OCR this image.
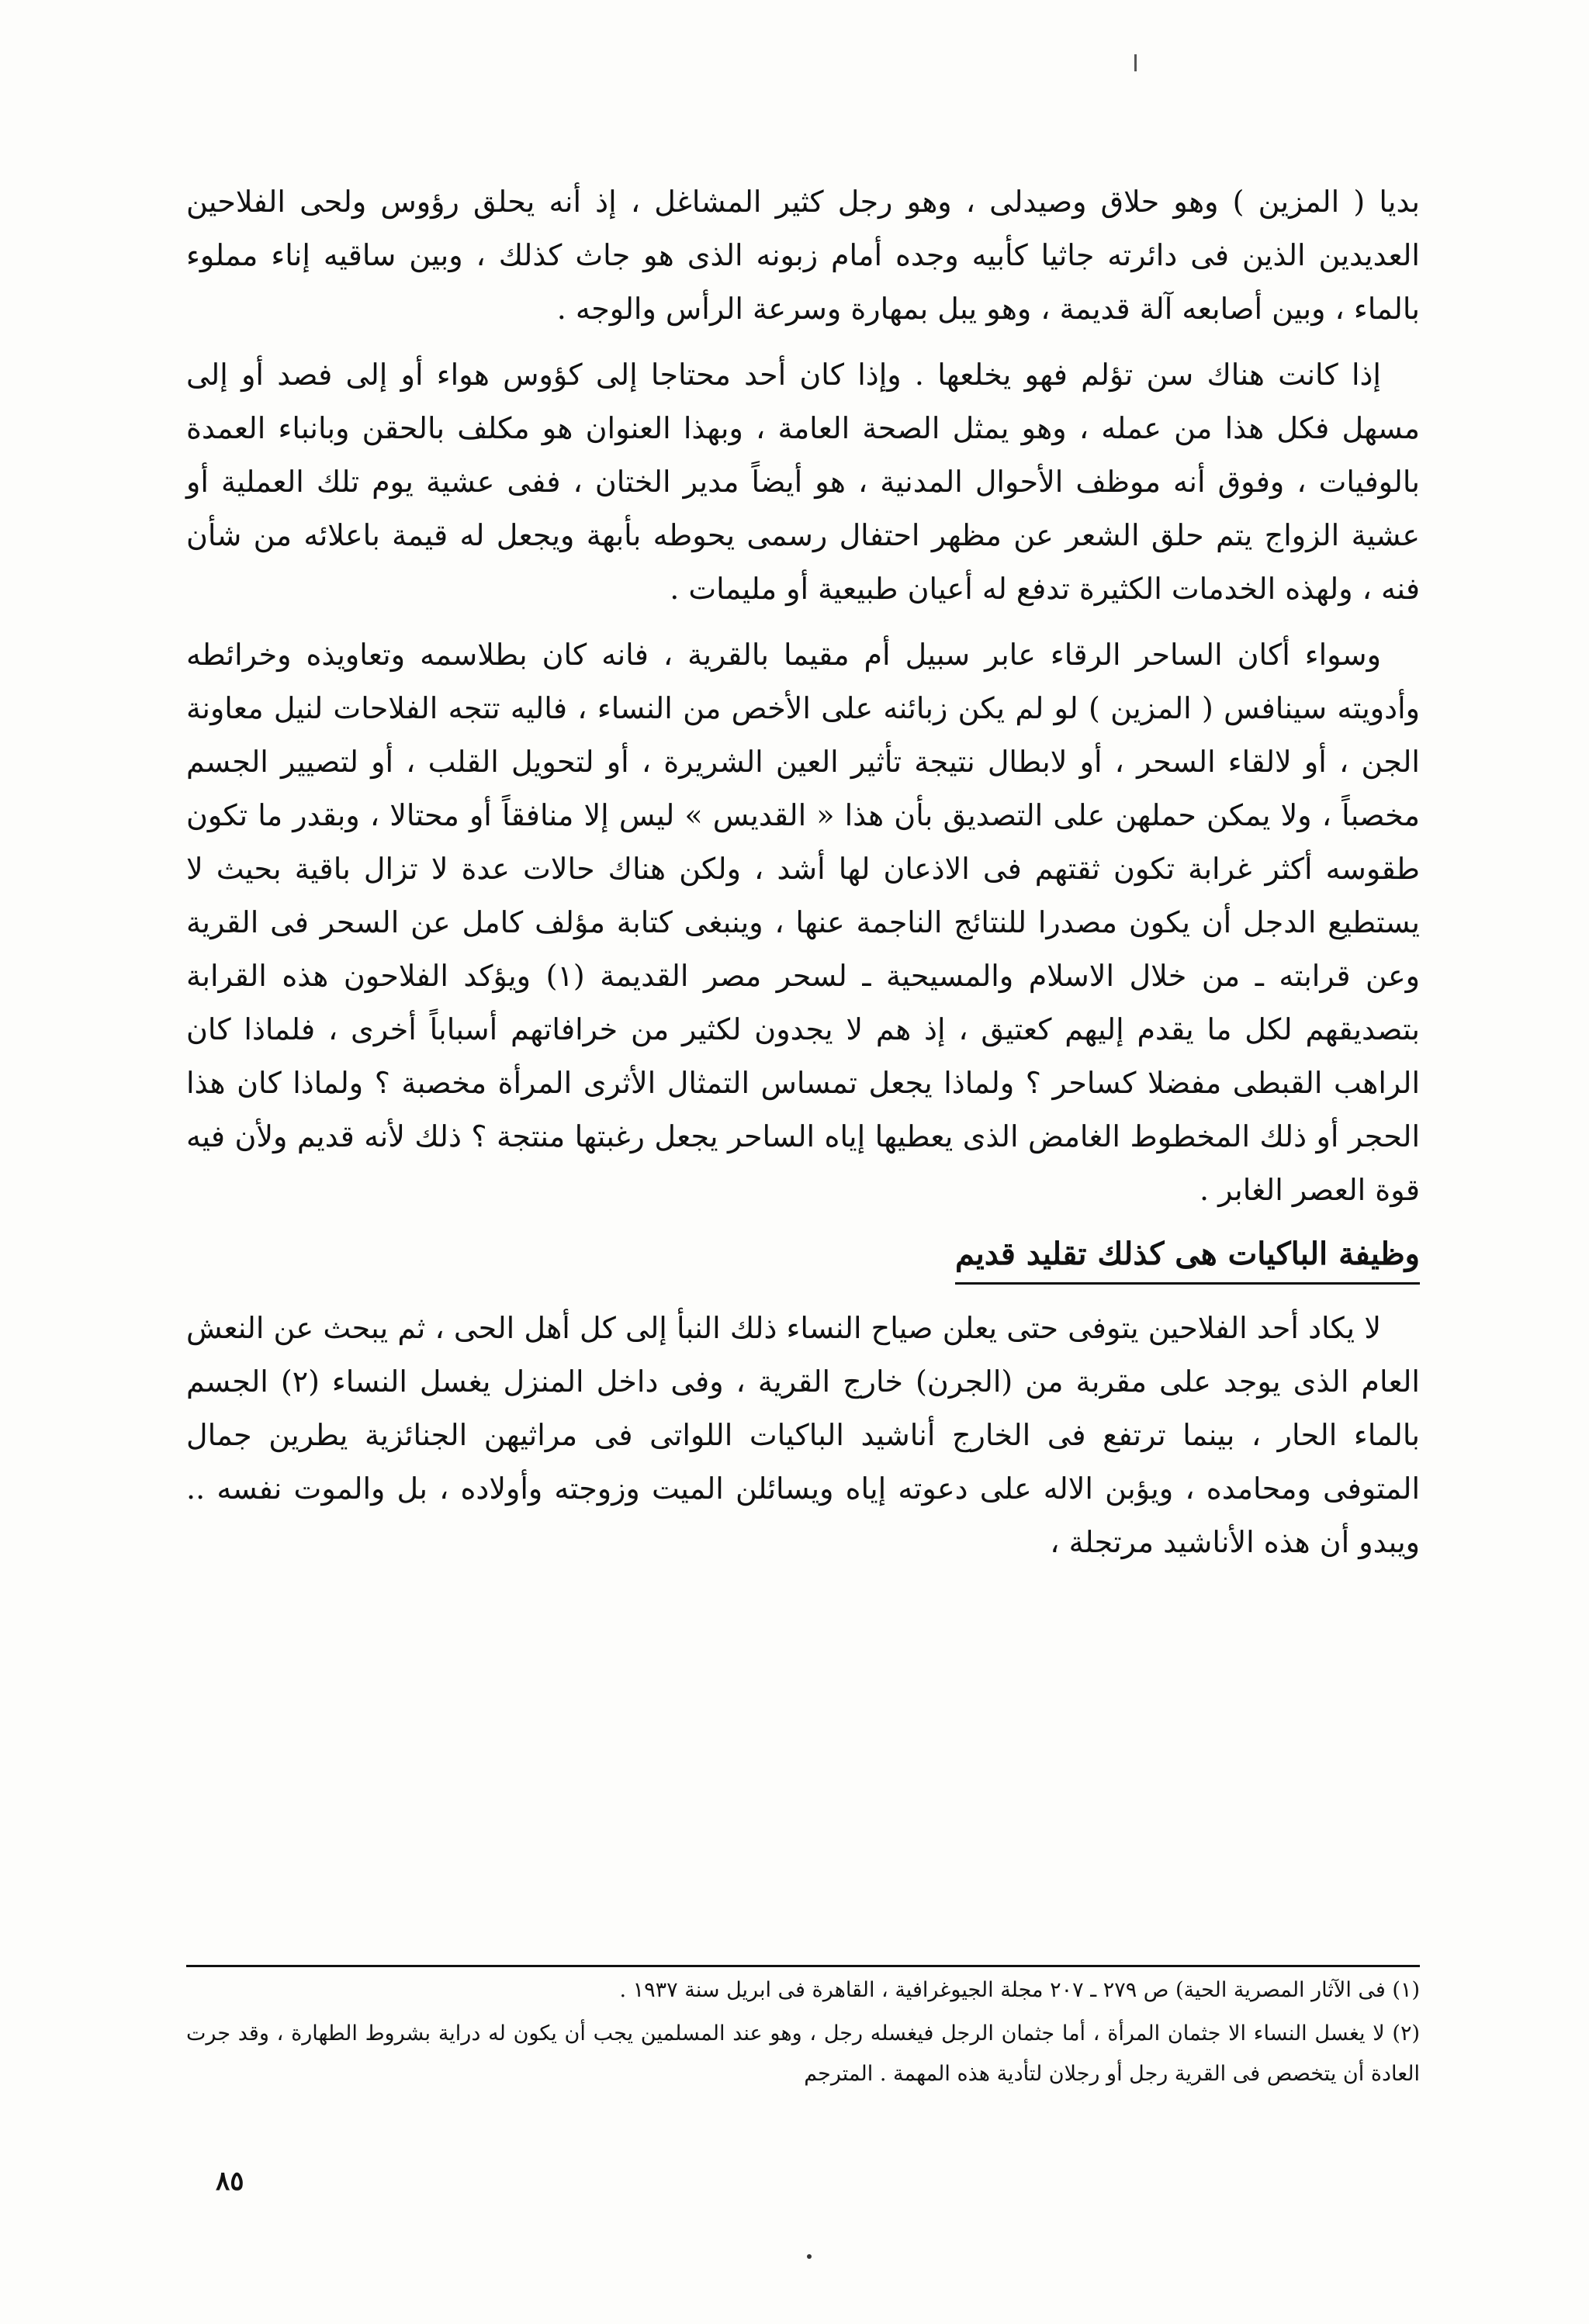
بديا ( المزين ) وهو حلاق وصيدلى ، وهو رجل كثير المشاغل ، إذ أنه يحلق رؤوس ولحى الفلاحين العديدين الذين فى دائرته جاثيا كأبيه وجده أمام زبونه الذى هو جاث كذلك ، وبين ساقيه إناء مملوء بالماء ، وبين أصابعه آلة قديمة ، وهو يبل بمهارة وسرعة الرأس والوجه .

إذا كانت هناك سن تؤلم فهو يخلعها . وإذا كان أحد محتاجا إلى كؤوس هواء أو إلى فصد أو إلى مسهل فكل هذا من عمله ، وهو يمثل الصحة العامة ، وبهذا العنوان هو مكلف بالحقن وبانباء العمدة بالوفيات ، وفوق أنه موظف الأحوال المدنية ، هو أيضاً مدير الختان ، ففى عشية يوم تلك العملية أو عشية الزواج يتم حلق الشعر عن مظهر احتفال رسمى يحوطه بأبهة ويجعل له قيمة باعلائه من شأن فنه ، ولهذه الخدمات الكثيرة تدفع له أعيان طبيعية أو مليمات .

وسواء أكان الساحر الرقاء عابر سبيل أم مقيما بالقرية ، فانه كان بطلاسمه وتعاويذه وخرائطه وأدويته سينافس ( المزين ) لو لم يكن زبائنه على الأخص من النساء ، فاليه تتجه الفلاحات لنيل معاونة الجن ، أو لالقاء السحر ، أو لابطال نتيجة تأثير العين الشريرة ، أو لتحويل القلب ، أو لتصيير الجسم مخصباً ، ولا يمكن حملهن على التصديق بأن هذا « القديس » ليس إلا منافقاً أو محتالا ، وبقدر ما تكون طقوسه أكثر غرابة تكون ثقتهم فى الاذعان لها أشد ، ولكن هناك حالات عدة لا تزال باقية بحيث لا يستطيع الدجل أن يكون مصدرا للنتائج الناجمة عنها ، وينبغى كتابة مؤلف كامل عن السحر فى القرية وعن قرابته ـ من خلال الاسلام والمسيحية ـ لسحر مصر القديمة (١) ويؤكد الفلاحون هذه القرابة بتصديقهم لكل ما يقدم إليهم كعتيق ، إذ هم لا يجدون لكثير من خرافاتهم أسباباً أخرى ، فلماذا كان الراهب القبطى مفضلا كساحر ؟ ولماذا يجعل تمساس التمثال الأثرى المرأة مخصبة ؟ ولماذا كان هذا الحجر أو ذلك المخطوط الغامض الذى يعطيها إياه الساحر يجعل رغبتها منتجة ؟ ذلك لأنه قديم ولأن فيه قوة العصر الغابر .

وظيفة الباكيات هى كذلك تقليد قديم

لا يكاد أحد الفلاحين يتوفى حتى يعلن صياح النساء ذلك النبأ إلى كل أهل الحى ، ثم يبحث عن النعش العام الذى يوجد على مقربة من (الجرن) خارج القرية ، وفى داخل المنزل يغسل النساء (٢) الجسم بالماء الحار ، بينما ترتفع فى الخارج أناشيد الباكيات اللواتى فى مراثيهن الجنائزية يطرين جمال المتوفى ومحامده ، ويؤبن الاله على دعوته إياه ويسائلن الميت وزوجته وأولاده ، بل والموت نفسه .. ويبدو أن هذه الأناشيد مرتجلة ،

(١) فى الآثار المصرية الحية) ص ٢٧٩ ـ ٢٠٧ مجلة الجيوغرافية ، القاهرة فى ابريل سنة ١٩٣٧ .

(٢) لا يغسل النساء الا جثمان المرأة ، أما جثمان الرجل فيغسله رجل ، وهو عند المسلمين يجب أن يكون له دراية بشروط الطهارة ، وقد جرت العادة أن يتخصص فى القرية رجل أو رجلان لتأدية هذه المهمة . المترجم

٨٥
